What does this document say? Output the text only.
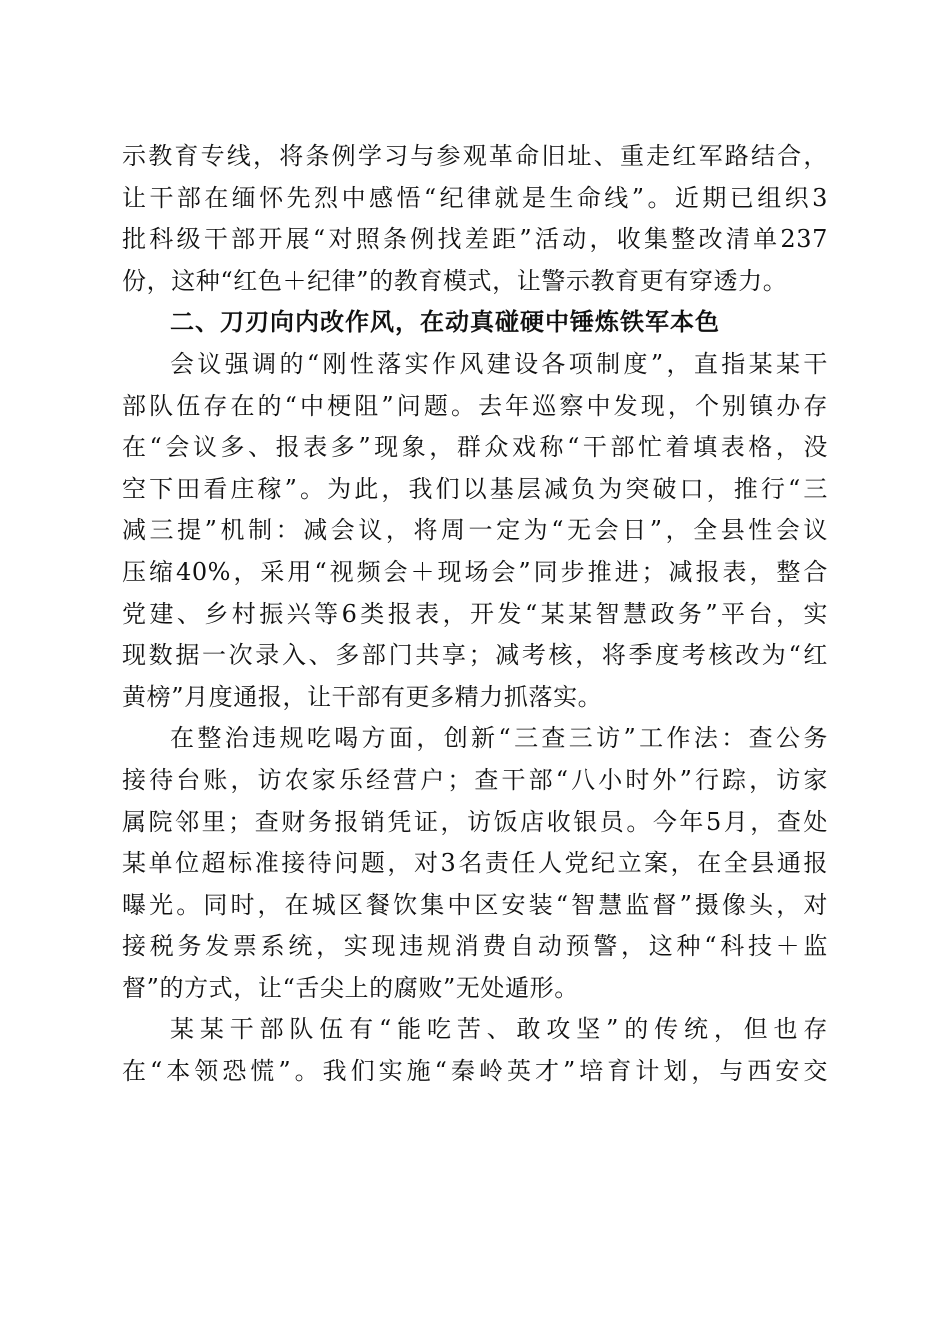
示教育专线，将条例学习与参观革命旧址、重走红军路结合，
让干部在缅怀先烈中感悟“纪律就是生命线”。近期已组织3
批科级干部开展“对照条例找差距”活动，收集整改清单237
份，这种“红色＋纪律”的教育模式，让警示教育更有穿透力。
二、刀刃向内改作风，在动真碰硬中锤炼铁军本色
会议强调的“刚性落实作风建设各项制度”，直指某某干
部队伍存在的“中梗阻”问题。去年巡察中发现，个别镇办存
在“会议多、报表多”现象，群众戏称“干部忙着填表格，没
空下田看庄稼”。为此，我们以基层减负为突破口，推行“三
减三提”机制：减会议，将周一定为“无会日”，全县性会议
压缩40%，采用“视频会＋现场会”同步推进；减报表，整合
党建、乡村振兴等6类报表，开发“某某智慧政务”平台，实
现数据一次录入、多部门共享；减考核，将季度考核改为“红
黄榜”月度通报，让干部有更多精力抓落实。
在整治违规吃喝方面，创新“三查三访”工作法：查公务
接待台账，访农家乐经营户；查干部“八小时外”行踪，访家
属院邻里；查财务报销凭证，访饭店收银员。今年5月，查处
某单位超标准接待问题，对3名责任人党纪立案，在全县通报
曝光。同时，在城区餐饮集中区安装“智慧监督”摄像头，对
接税务发票系统，实现违规消费自动预警，这种“科技＋监
督”的方式，让“舌尖上的腐败”无处遁形。
某某干部队伍有“能吃苦、敢攻坚”的传统，但也存
在“本领恐慌”。我们实施“秦岭英才”培育计划，与西安交
